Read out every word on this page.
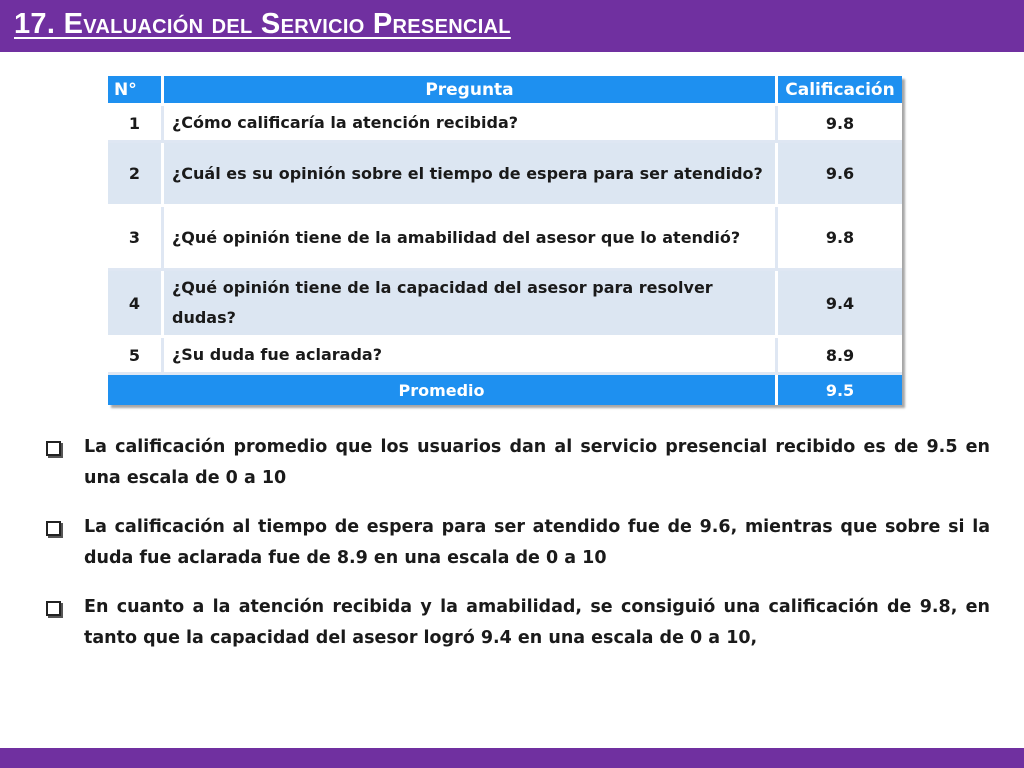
17. Evaluación del Servicio Presencial
N°	Pregunta	Calificación
1	¿Cómo calificaría la atención recibida?	9.8
2	¿Cuál es su opinión sobre el tiempo de espera para ser atendido?	9.6
3	¿Qué opinión tiene de la amabilidad del asesor que lo atendió?	9.8
4	¿Qué opinión tiene de la capacidad del asesor para resolver dudas?	9.4
5	¿Su duda fue aclarada?	8.9
Promedio		9.5
La calificación promedio que los usuarios dan al servicio presencial recibido es de 9.5 en una escala de 0 a 10
La calificación al tiempo de espera para ser atendido fue de 9.6, mientras que sobre si la duda fue aclarada fue de 8.9 en una escala de 0 a 10
En cuanto a la atención recibida y la amabilidad, se consiguió una calificación de 9.8, en tanto que la capacidad del asesor logró 9.4 en una escala de 0 a 10,
